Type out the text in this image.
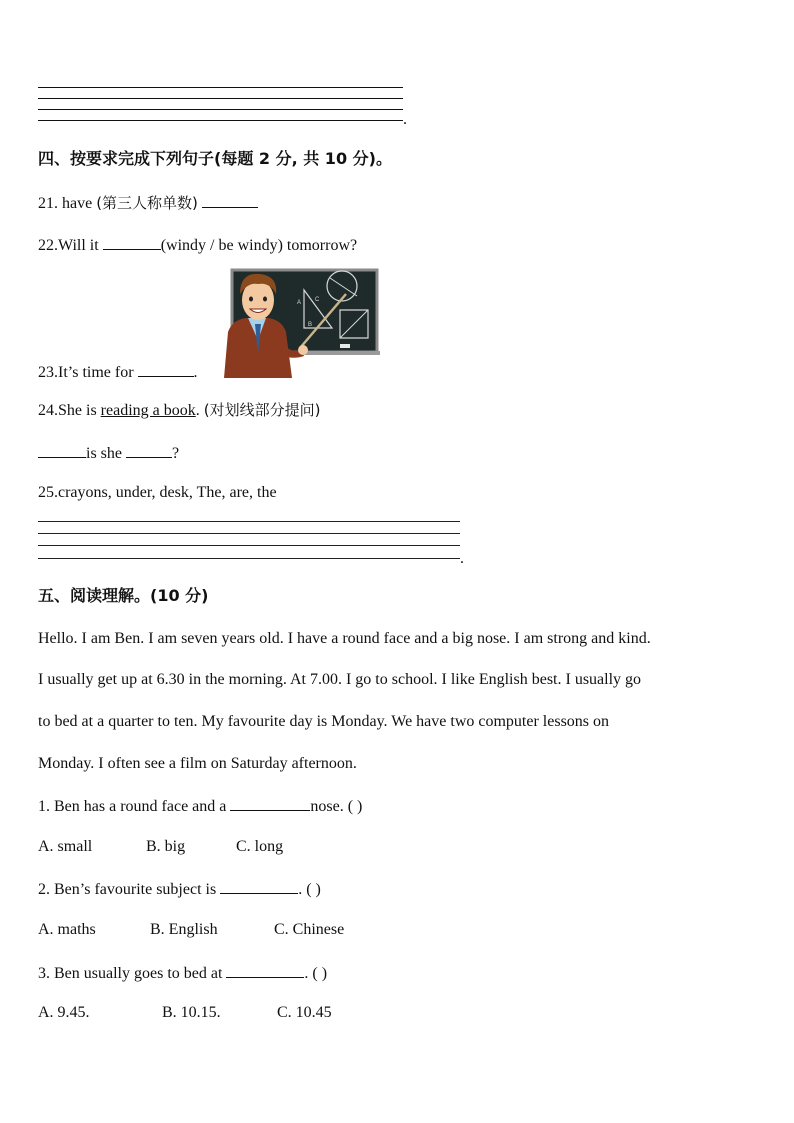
.
四、按要求完成下列句子(每题 2 分, 共 10 分)。
21. have (第三人称单数)
22.Will it	(windy / be windy) tomorrow?
A C
B
23.It’s time for	.
24.She is reading a book. (对划线部分提问)
is she	?
25.crayons, under, desk, The, are, the
.
五、阅读理解。(10 分)
Hello. I am Ben. I am seven years old. I have a round face and a big nose. I am strong and kind.
I usually get up at 6.30 in the morning. At 7.00. I go to school. I like English best. I usually go
to bed at a quarter to ten. My favourite day is Monday. We have two computer lessons on
Monday. I often see a film on Saturday afternoon.
1. Ben has a round face and a	nose. ( )
A. small	B. big	C. long
2. Ben’s favourite subject is	. ( )
A. maths	B. English	C. Chinese
3. Ben usually goes to bed at	. ( )
A. 9.45.	B. 10.15.	C. 10.45
